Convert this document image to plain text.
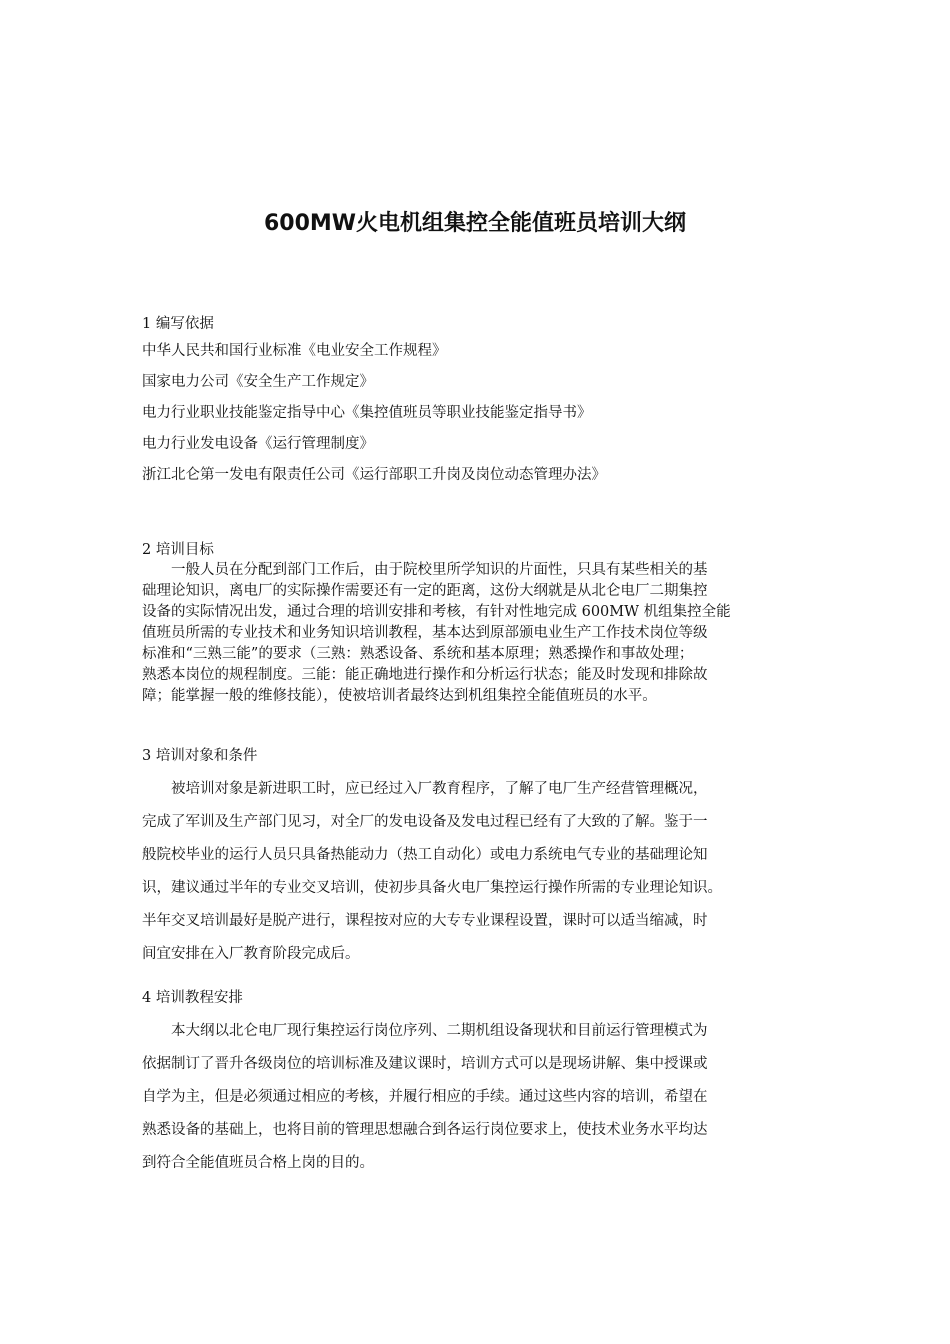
600MW火电机组集控全能值班员培训大纲
1 编写依据
中华人民共和国行业标准《电业安全工作规程》
国家电力公司《安全生产工作规定》
电力行业职业技能鉴定指导中心《集控值班员等职业技能鉴定指导书》
电力行业发电设备《运行管理制度》
浙江北仑第一发电有限责任公司《运行部职工升岗及岗位动态管理办法》
2 培训目标
一般人员在分配到部门工作后，由于院校里所学知识的片面性，只具有某些相关的基
础理论知识，离电厂的实际操作需要还有一定的距离，这份大纲就是从北仑电厂二期集控
设备的实际情况出发，通过合理的培训安排和考核，有针对性地完成 600MW 机组集控全能
值班员所需的专业技术和业务知识培训教程，基本达到原部颁电业生产工作技术岗位等级
标准和“三熟三能”的要求（三熟：熟悉设备、系统和基本原理；熟悉操作和事故处理；
熟悉本岗位的规程制度。三能：能正确地进行操作和分析运行状态；能及时发现和排除故
障；能掌握一般的维修技能），使被培训者最终达到机组集控全能值班员的水平。
3 培训对象和条件
被培训对象是新进职工时，应已经过入厂教育程序，了解了电厂生产经营管理概况，
完成了军训及生产部门见习，对全厂的发电设备及发电过程已经有了大致的了解。鉴于一
般院校毕业的运行人员只具备热能动力（热工自动化）或电力系统电气专业的基础理论知
识，建议通过半年的专业交叉培训，使初步具备火电厂集控运行操作所需的专业理论知识。
半年交叉培训最好是脱产进行，课程按对应的大专专业课程设置，课时可以适当缩减，时
间宜安排在入厂教育阶段完成后。
4 培训教程安排
本大纲以北仑电厂现行集控运行岗位序列、二期机组设备现状和目前运行管理模式为
依据制订了晋升各级岗位的培训标准及建议课时，培训方式可以是现场讲解、集中授课或
自学为主，但是必须通过相应的考核，并履行相应的手续。通过这些内容的培训，希望在
熟悉设备的基础上，也将目前的管理思想融合到各运行岗位要求上，使技术业务水平均达
到符合全能值班员合格上岗的目的。
